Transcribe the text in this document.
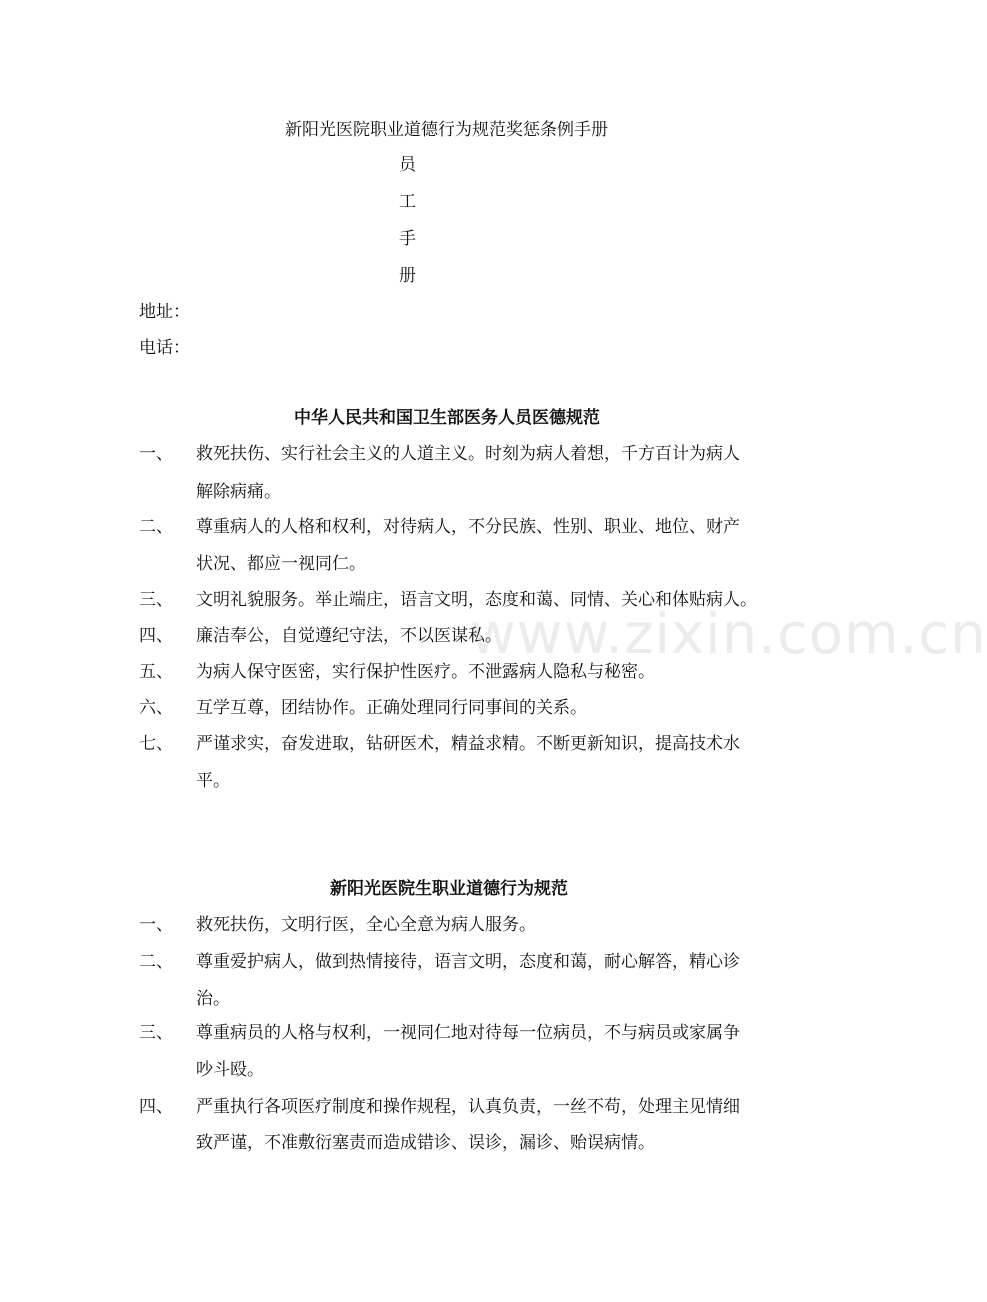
新阳光医院职业道德行为规范奖惩条例手册
员
工
手
册
地址：
电话：
中华人民共和国卫生部医务人员医德规范
一、 救死扶伤、实行社会主义的人道主义。时刻为病人着想，千方百计为病人
解除病痛。
二、 尊重病人的人格和权利，对待病人，不分民族、性别、职业、地位、财产
状况、都应一视同仁。
三、 文明礼貌服务。举止端庄，语言文明，态度和蔼、同情、关心和体贴病人。
四、 廉洁奉公，自觉遵纪守法，不以医谋私。
五、 为病人保守医密，实行保护性医疗。不泄露病人隐私与秘密。
六、 互学互尊，团结协作。正确处理同行同事间的关系。
七、 严谨求实，奋发进取，钻研医术，精益求精。不断更新知识，提高技术水
平。
新阳光医院生职业道德行为规范
一、 救死扶伤，文明行医，全心全意为病人服务。
二、 尊重爱护病人，做到热情接待，语言文明，态度和蔼，耐心解答，精心诊
治。
三、 尊重病员的人格与权利，一视同仁地对待每一位病员，不与病员或家属争
吵斗殴。
四、 严重执行各项医疗制度和操作规程，认真负责，一丝不苟，处理主见情细
致严谨，不准敷衍塞责而造成错诊、误诊，漏诊、贻误病情。
www.zixin.com.cn
